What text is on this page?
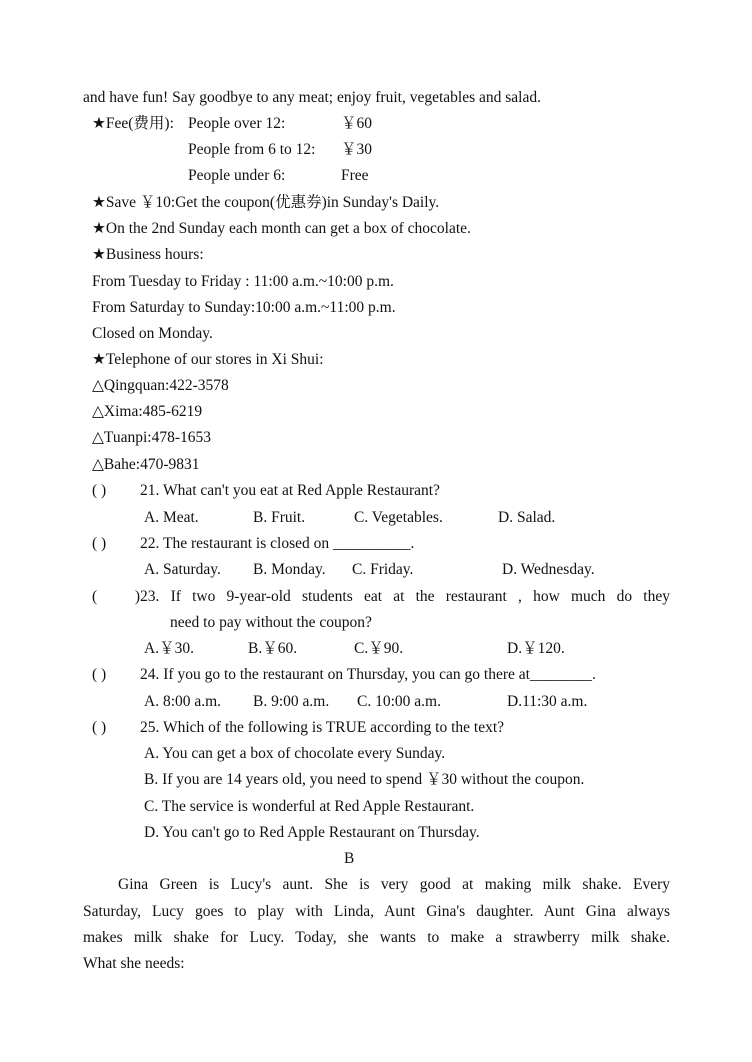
and have fun! Say goodbye to any meat; enjoy fruit, vegetables and salad.
★Fee(费用): People over 12:	￥60
People from 6 to 12: ￥30
People under 6:	Free
★Save ￥10:Get the coupon(优惠券)in Sunday's Daily.
★On the 2nd Sunday each month can get a box of chocolate.
★Business hours:
From Tuesday to Friday : 11:00 a.m.~10:00 p.m.
From Saturday to Sunday:10:00 a.m.~11:00 p.m.
Closed on Monday.
★Telephone of our stores in Xi Shui:
△Qingquan:422-3578
△Xima:485-6219
△Tuanpi:478-1653
△Bahe:470-9831
( ) 21. What can't you eat at Red Apple Restaurant?
A. Meat.	B. Fruit.	C. Vegetables.	D. Salad.
( ) 22. The restaurant is closed on __________.
A. Saturday. B. Monday. C. Friday.	D. Wednesday.
( )23. If two 9-year-old students eat at the restaurant , how much do they
need to pay without the coupon?
A.￥30.	B.￥60.	C.￥90.	D.￥120.
( ) 24. If you go to the restaurant on Thursday, you can go there at________.
A. 8:00 a.m. B. 9:00 a.m. C. 10:00 a.m.	D.11:30 a.m.
( ) 25. Which of the following is TRUE according to the text?
A. You can get a box of chocolate every Sunday.
B. If you are 14 years old, you need to spend ￥30 without the coupon.
C. The service is wonderful at Red Apple Restaurant.
D. You can't go to Red Apple Restaurant on Thursday.
B
Gina Green is Lucy's aunt. She is very good at making milk shake. Every
Saturday, Lucy goes to play with Linda, Aunt Gina's daughter. Aunt Gina always
makes milk shake for Lucy. Today, she wants to make a strawberry milk shake.
What she needs:
